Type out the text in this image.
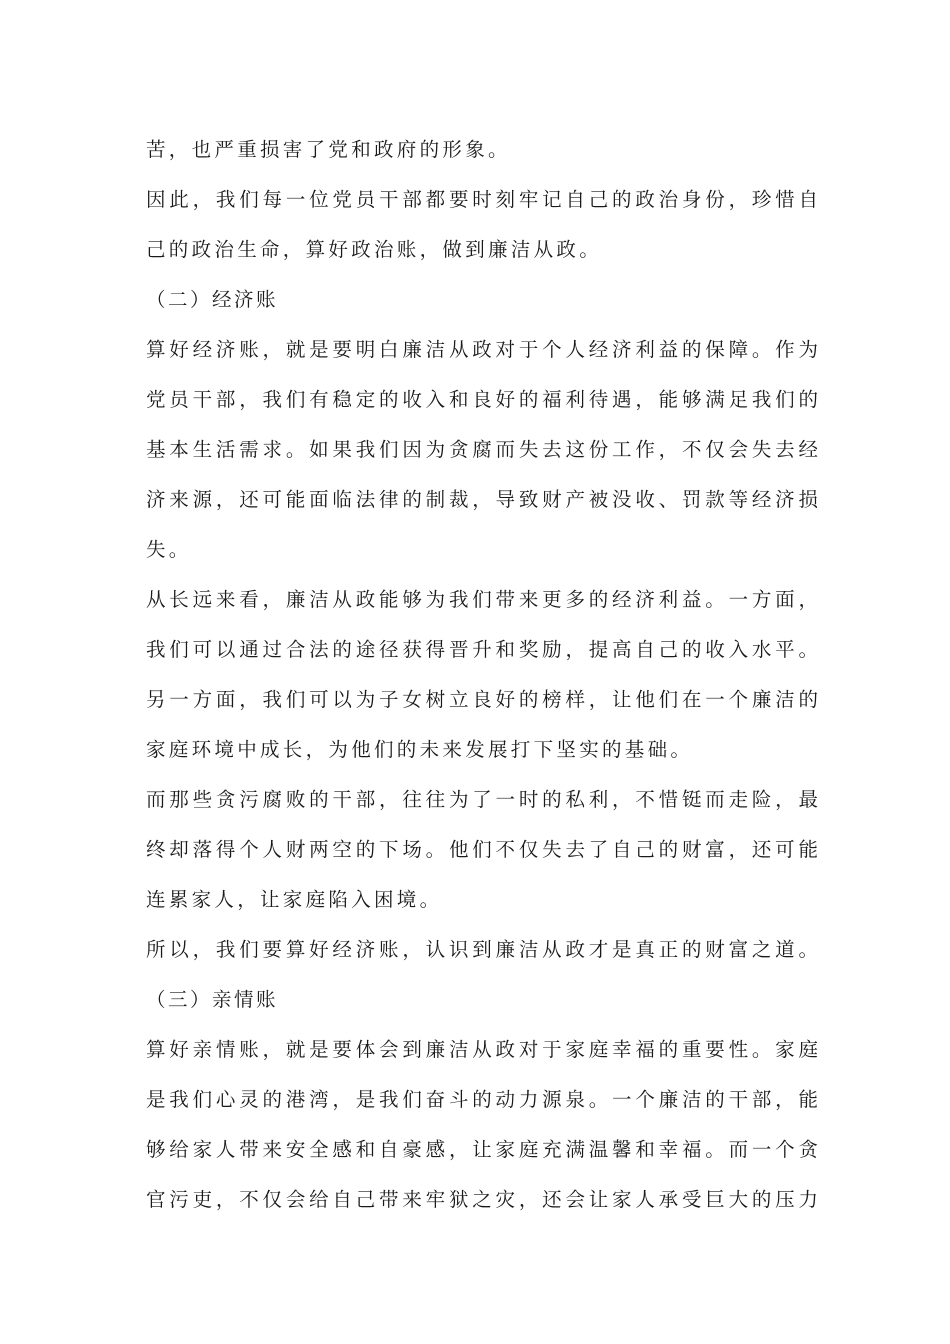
苦，也严重损害了党和政府的形象。
因此，我们每一位党员干部都要时刻牢记自己的政治身份，珍惜自
己的政治生命，算好政治账，做到廉洁从政。
（二）经济账
算好经济账，就是要明白廉洁从政对于个人经济利益的保障。作为
党员干部，我们有稳定的收入和良好的福利待遇，能够满足我们的
基本生活需求。如果我们因为贪腐而失去这份工作，不仅会失去经
济来源，还可能面临法律的制裁，导致财产被没收、罚款等经济损
失。
从长远来看，廉洁从政能够为我们带来更多的经济利益。一方面，
我们可以通过合法的途径获得晋升和奖励，提高自己的收入水平。
另一方面，我们可以为子女树立良好的榜样，让他们在一个廉洁的
家庭环境中成长，为他们的未来发展打下坚实的基础。
而那些贪污腐败的干部，往往为了一时的私利，不惜铤而走险，最
终却落得个人财两空的下场。他们不仅失去了自己的财富，还可能
连累家人，让家庭陷入困境。
所以，我们要算好经济账，认识到廉洁从政才是真正的财富之道。
（三）亲情账
算好亲情账，就是要体会到廉洁从政对于家庭幸福的重要性。家庭
是我们心灵的港湾，是我们奋斗的动力源泉。一个廉洁的干部，能
够给家人带来安全感和自豪感，让家庭充满温馨和幸福。而一个贪
官污吏，不仅会给自己带来牢狱之灾，还会让家人承受巨大的压力
